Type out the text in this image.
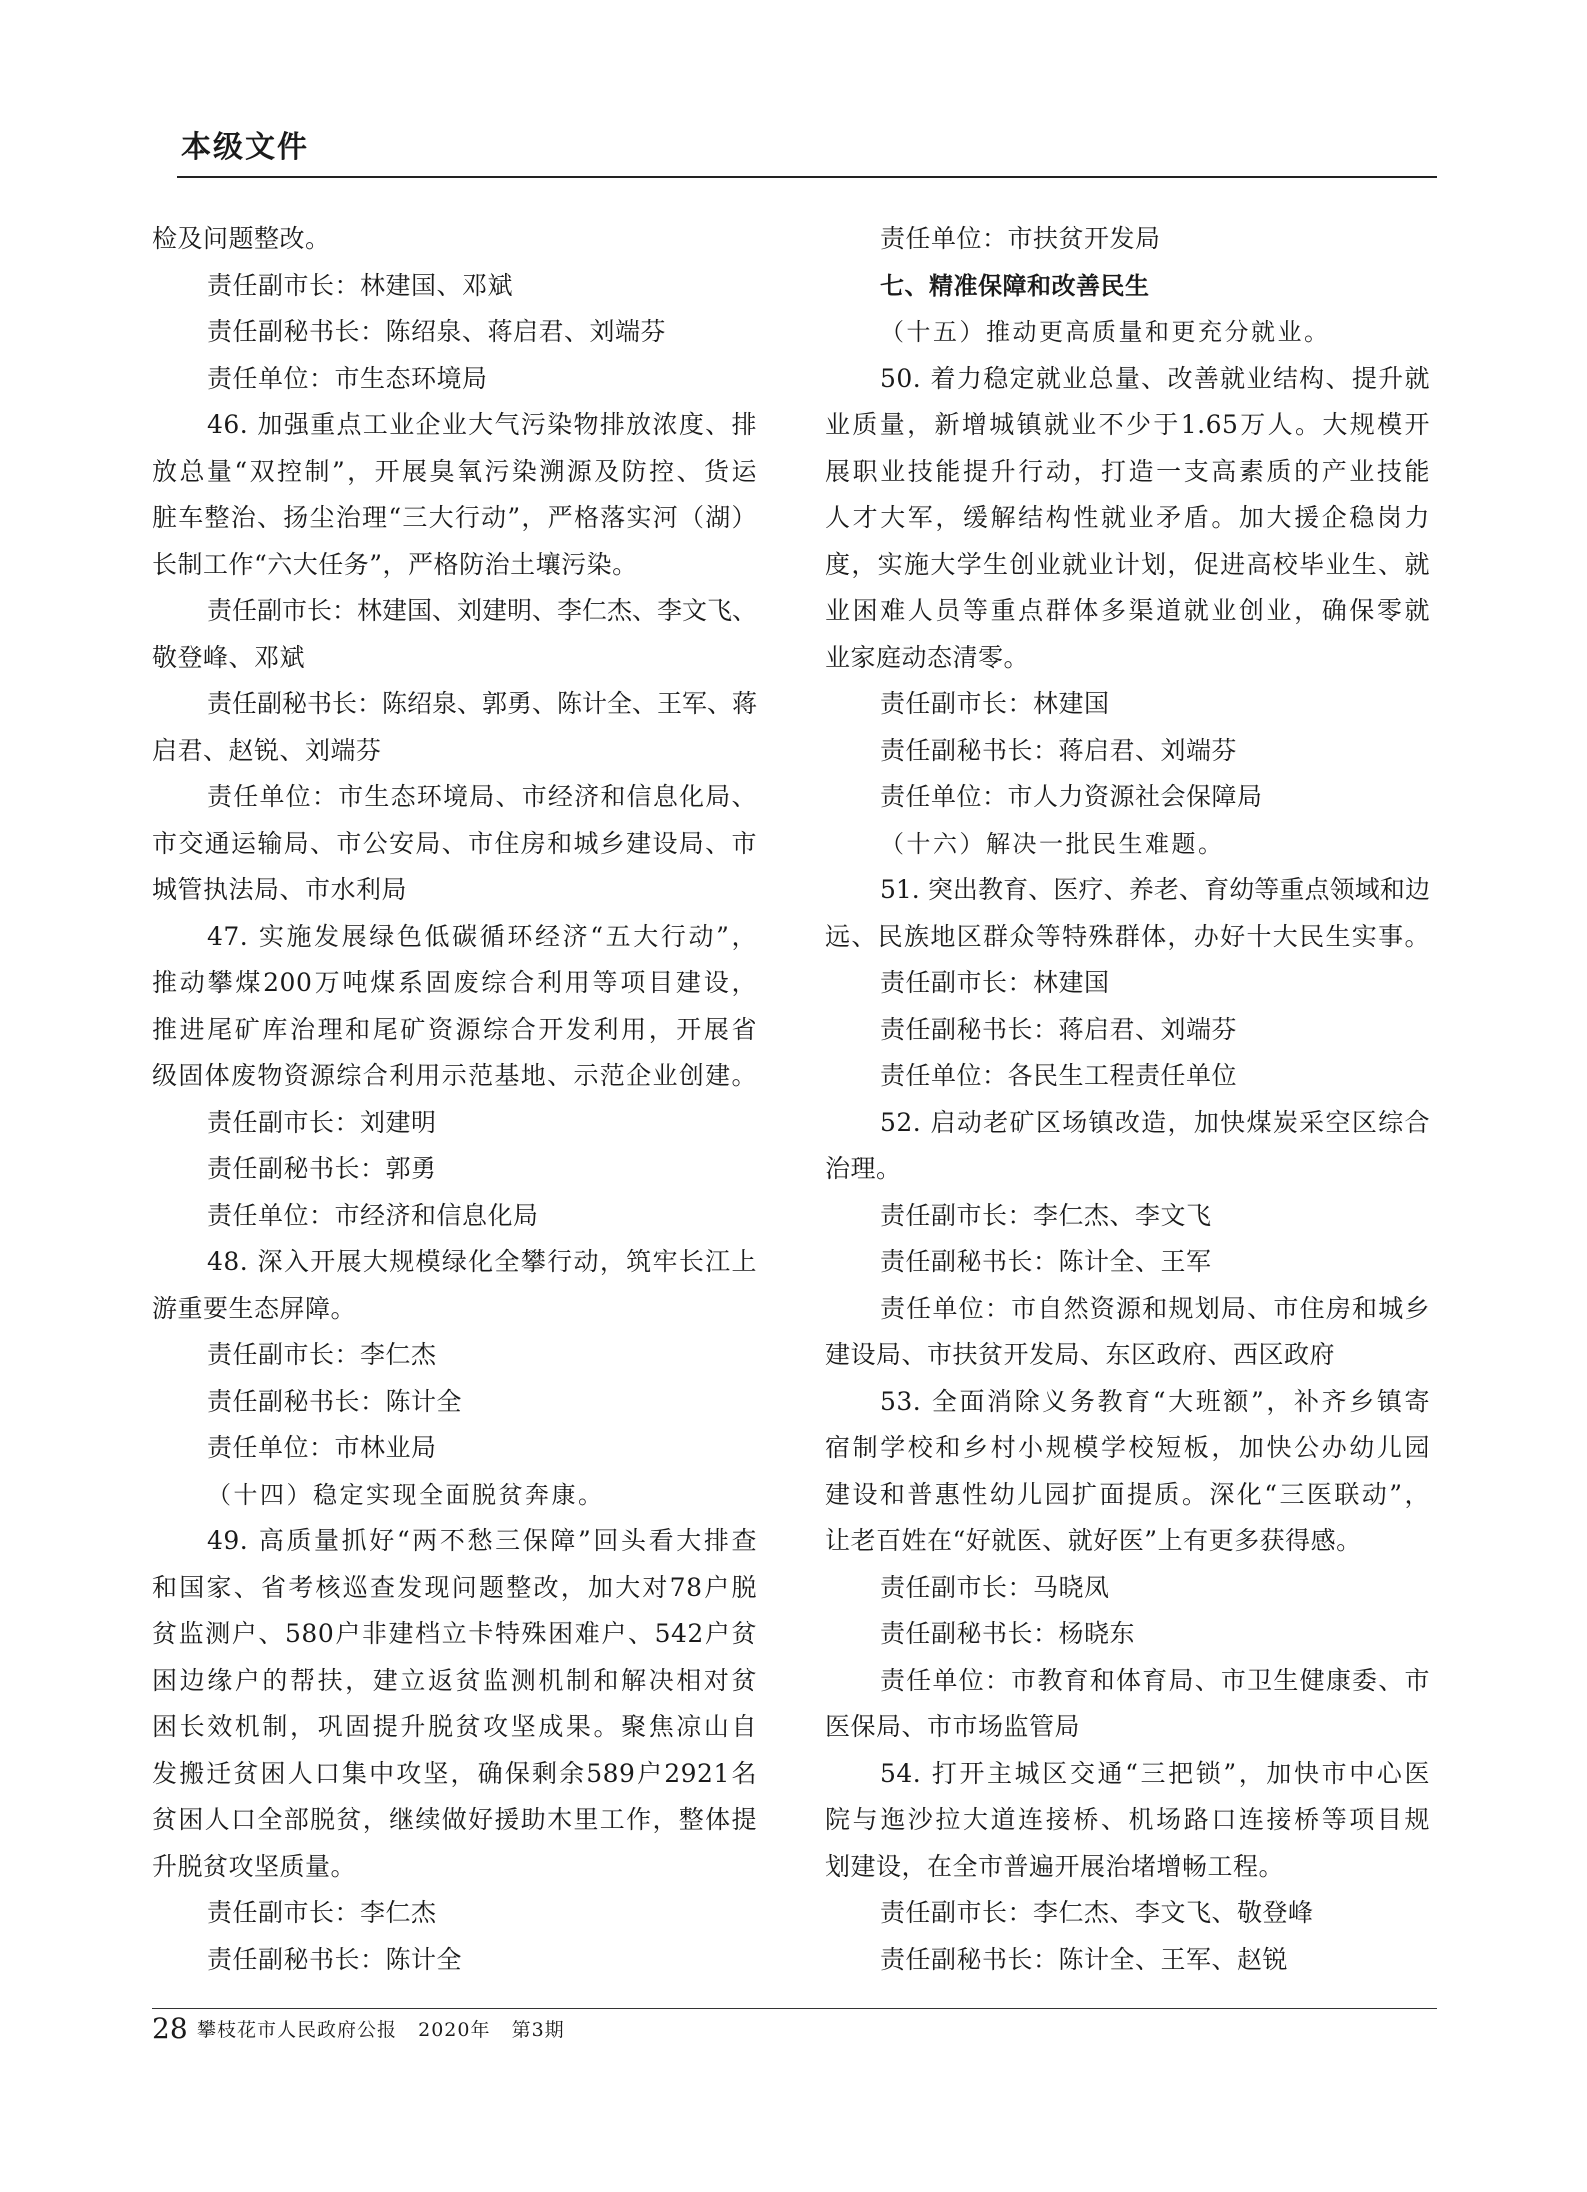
本级文件
检及问题整改。
责任副市长：林建国、邓斌
责任副秘书长：陈绍泉、蒋启君、刘端芬
责任单位：市生态环境局
46. 加强重点工业企业大气污染物排放浓度、排
放总量“双控制”，开展臭氧污染溯源及防控、货运
脏车整治、扬尘治理“三大行动”，严格落实河（湖）
长制工作“六大任务”，严格防治土壤污染。
责任副市长：林建国、刘建明、李仁杰、李文飞、
敬登峰、邓斌
责任副秘书长：陈绍泉、郭勇、陈计全、王军、蒋
启君、赵锐、刘端芬
责任单位：市生态环境局、市经济和信息化局、
市交通运输局、市公安局、市住房和城乡建设局、市
城管执法局、市水利局
47. 实施发展绿色低碳循环经济“五大行动”，
推动攀煤200万吨煤系固废综合利用等项目建设，
推进尾矿库治理和尾矿资源综合开发利用，开展省
级固体废物资源综合利用示范基地、示范企业创建。
责任副市长：刘建明
责任副秘书长：郭勇
责任单位：市经济和信息化局
48. 深入开展大规模绿化全攀行动，筑牢长江上
游重要生态屏障。
责任副市长：李仁杰
责任副秘书长：陈计全
责任单位：市林业局
（十四）稳定实现全面脱贫奔康。
49. 高质量抓好“两不愁三保障”回头看大排查
和国家、省考核巡查发现问题整改，加大对78户脱
贫监测户、580户非建档立卡特殊困难户、542户贫
困边缘户的帮扶，建立返贫监测机制和解决相对贫
困长效机制，巩固提升脱贫攻坚成果。聚焦凉山自
发搬迁贫困人口集中攻坚，确保剩余589户2921名
贫困人口全部脱贫，继续做好援助木里工作，整体提
升脱贫攻坚质量。
责任副市长：李仁杰
责任副秘书长：陈计全
责任单位：市扶贫开发局
七、精准保障和改善民生
（十五）推动更高质量和更充分就业。
50. 着力稳定就业总量、改善就业结构、提升就
业质量，新增城镇就业不少于1.65万人。大规模开
展职业技能提升行动，打造一支高素质的产业技能
人才大军，缓解结构性就业矛盾。加大援企稳岗力
度，实施大学生创业就业计划，促进高校毕业生、就
业困难人员等重点群体多渠道就业创业，确保零就
业家庭动态清零。
责任副市长：林建国
责任副秘书长：蒋启君、刘端芬
责任单位：市人力资源社会保障局
（十六）解决一批民生难题。
51. 突出教育、医疗、养老、育幼等重点领域和边
远、民族地区群众等特殊群体，办好十大民生实事。
责任副市长：林建国
责任副秘书长：蒋启君、刘端芬
责任单位：各民生工程责任单位
52. 启动老矿区场镇改造，加快煤炭采空区综合
治理。
责任副市长：李仁杰、李文飞
责任副秘书长：陈计全、王军
责任单位：市自然资源和规划局、市住房和城乡
建设局、市扶贫开发局、东区政府、西区政府
53. 全面消除义务教育“大班额”，补齐乡镇寄
宿制学校和乡村小规模学校短板，加快公办幼儿园
建设和普惠性幼儿园扩面提质。深化“三医联动”，
让老百姓在“好就医、就好医”上有更多获得感。
责任副市长：马晓凤
责任副秘书长：杨晓东
责任单位：市教育和体育局、市卫生健康委、市
医保局、市市场监管局
54. 打开主城区交通“三把锁”，加快市中心医
院与迤沙拉大道连接桥、机场路口连接桥等项目规
划建设，在全市普遍开展治堵增畅工程。
责任副市长：李仁杰、李文飞、敬登峰
责任副秘书长：陈计全、王军、赵锐
28 攀枝花市人民政府公报   2020年   第3期
